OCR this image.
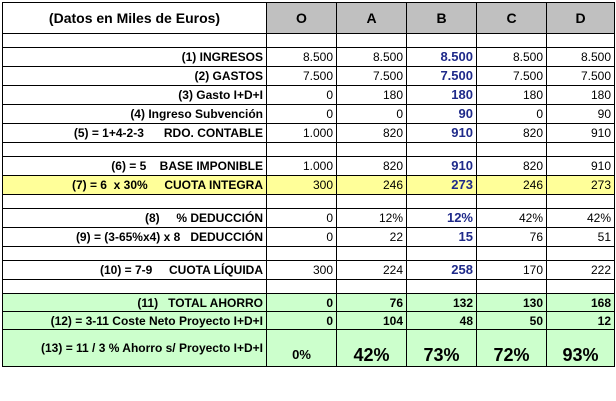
(Datos en Miles de Euros)	O	A	B	C	D

(1) INGRESOS	8.500	8.500	8.500	8.500	8.500
(2) GASTOS	7.500	7.500	7.500	7.500	7.500
(3) Gasto I+D+I	0	180	180	180	180
(4) Ingreso Subvención	0	0	90	0	90
(5) = 1+4-2-3      RDO. CONTABLE	1.000	820	910	820	910

(6) = 5    BASE IMPONIBLE	1.000	820	910	820	910
(7) = 6  x 30%     CUOTA INTEGRA	300	246	273	246	273

(8)     % DEDUCCIÓN	0	12%	12%	42%	42%
(9) = (3-65%x4) x 8   DEDUCCIÓN	0	22	15	76	51

(10) = 7-9     CUOTA LÍQUIDA	300	224	258	170	222

(11)   TOTAL AHORRO	0	76	132	130	168
(12) = 3-11 Coste Neto Proyecto I+D+I	0	104	48	50	12
(13) = 11 / 3 % Ahorro s/ Proyecto I+D+I	0%	42%	73%	72%	93%
